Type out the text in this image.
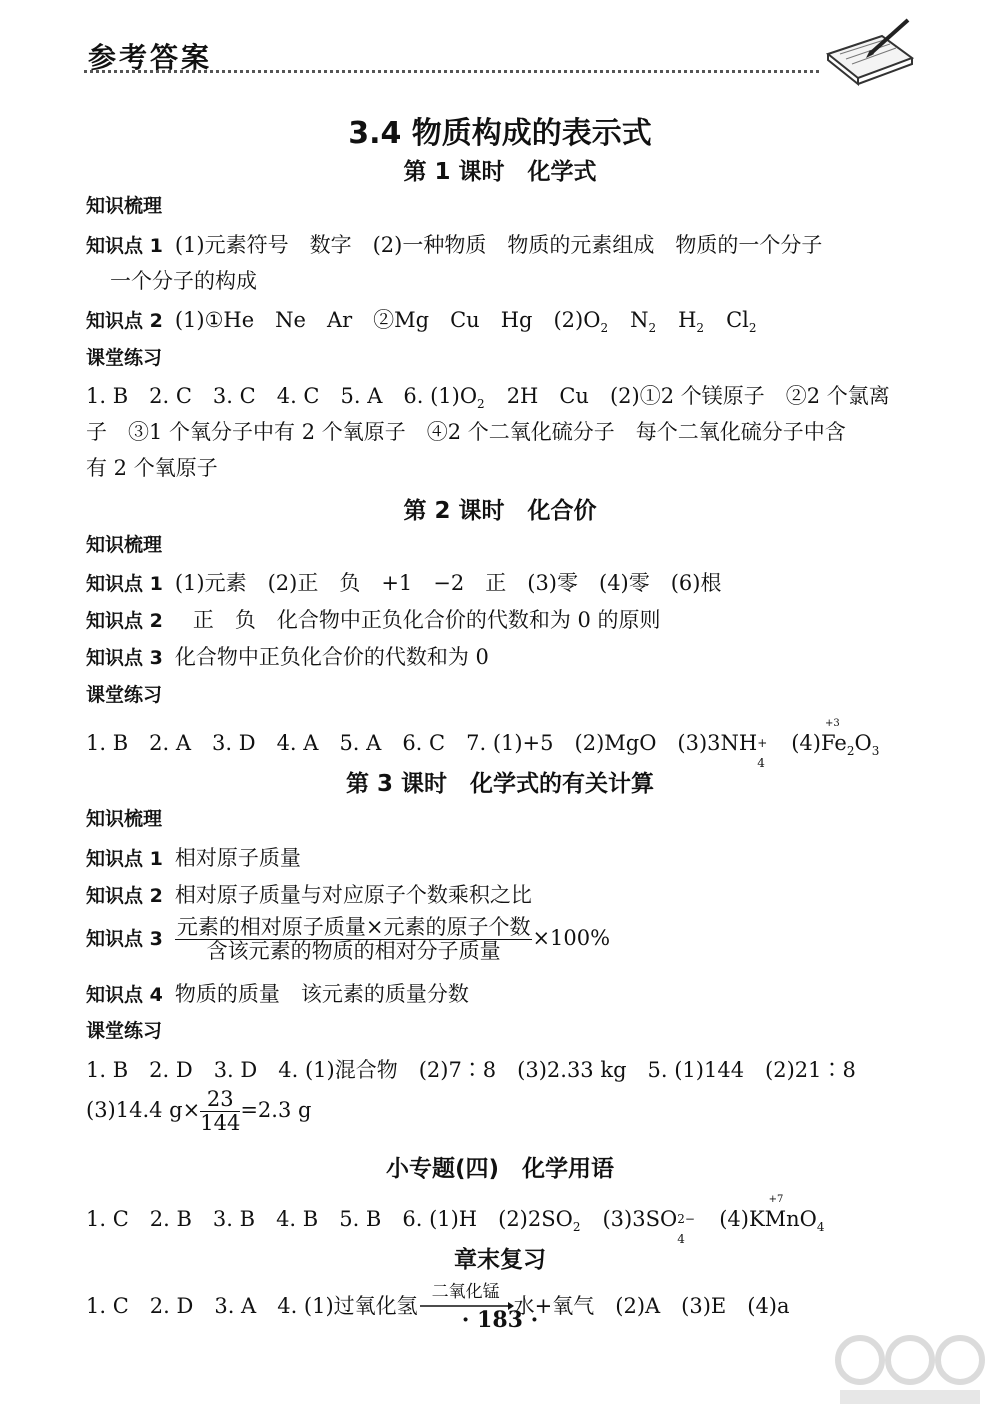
参考答案
3.4 物质构成的表示式
第 1 课时　化学式
知识梳理
知识点 1 (1)元素符号　数字　(2)一种物质　物质的元素组成　物质的一个分子
一个分子的构成
知识点 2 (1)①He　Ne　Ar　②Mg　Cu　Hg　$(2)O_2$ $N_2$ $H_2$ $Cl_2$
课堂练习
1. B　2. C　3. C　4. C　5. A　6. $(1)O_2$ 2H　Cu　(2)①2 个镁原子　②2 个氯离
子　③1 个氧分子中有 2 个氧原子　④2 个二氧化硫分子　每个二氧化硫分子中含
有 2 个氧原子
第 2 课时　化合价
知识梳理
知识点 1 (1)元素　(2)正　负　+1　−2　正　(3)零　(4)零　(6)根
知识点 2 正　负　化合物中正负化合价的代数和为 0 的原则
知识点 3 化合物中正负化合价的代数和为 0
课堂练习
1. B　2. A　3. D　4. A　5. A　6. C　7. (1)+5　(2)MgO　(3)3NH +
4
(4)
+3
$Fe_2O_3$
第 3 课时　化学式的有关计算
知识梳理
知识点 1 相对原子质量
知识点 2 相对原子质量与对应原子个数乘积之比
知识点 $3 \frac{\text{元素的相对原子质量×元素的原子个数}}{\text{含该元素的物质的相对分子质量}} \times 100\%$
知识点 4 物质的质量　该元素的质量分数
课堂练习
1. B　2. D　3. D　4. (1)混合物　(2)7∶8　(3)2.33 kg　5. (1)144　(2)21∶8
(3)14.4 $g\times \frac{23}{144} =2.3$ g
小专题(四)　化学用语
1. C　2. B　3. B　4. B　5. B　6. (1)H　$(2)2SO_2$ (3)3SO 2−
4
(4)K
+7
MnO$_4$
章末复习
1. C　2. D　3. A　4. (1)过氧化氢
二氧化锰
水+氧气　(2)A　(3)E　(4)a
· 183 ·
